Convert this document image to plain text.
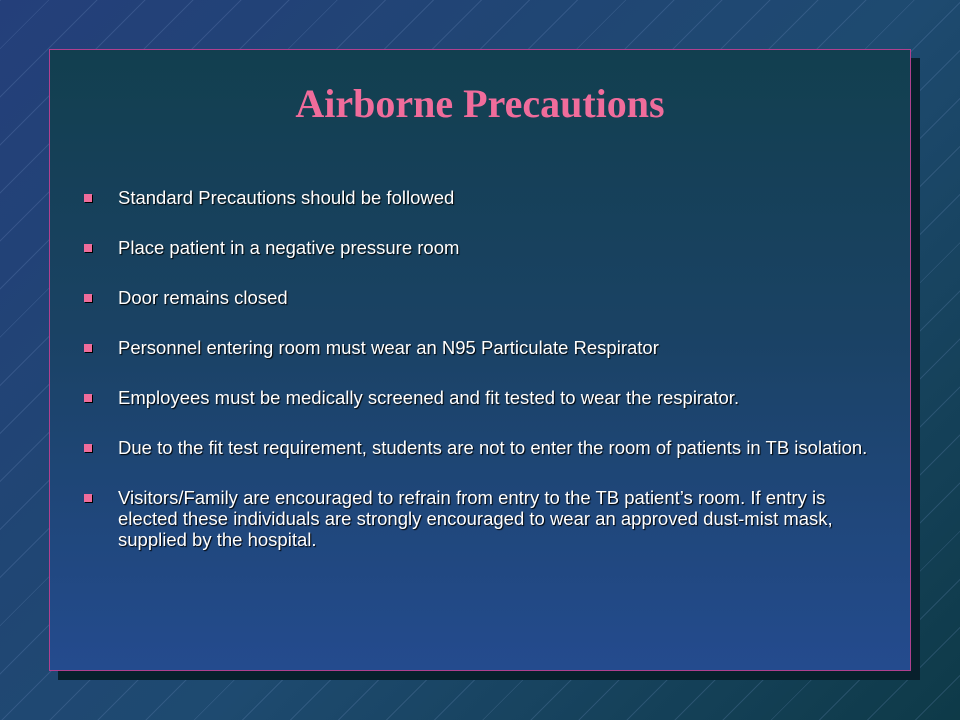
Airborne Precautions
Standard Precautions should be followed
Place patient in a negative pressure room
Door remains closed
Personnel entering room must wear an N95 Particulate Respirator
Employees must be medically screened and fit tested to wear the respirator.
Due to the fit test requirement, students are not to enter the room of patients in TB isolation.
Visitors/Family are encouraged to refrain from entry to the TB patient’s room. If entry is elected these individuals are strongly encouraged to wear an approved dust-mist mask, supplied by the hospital.
